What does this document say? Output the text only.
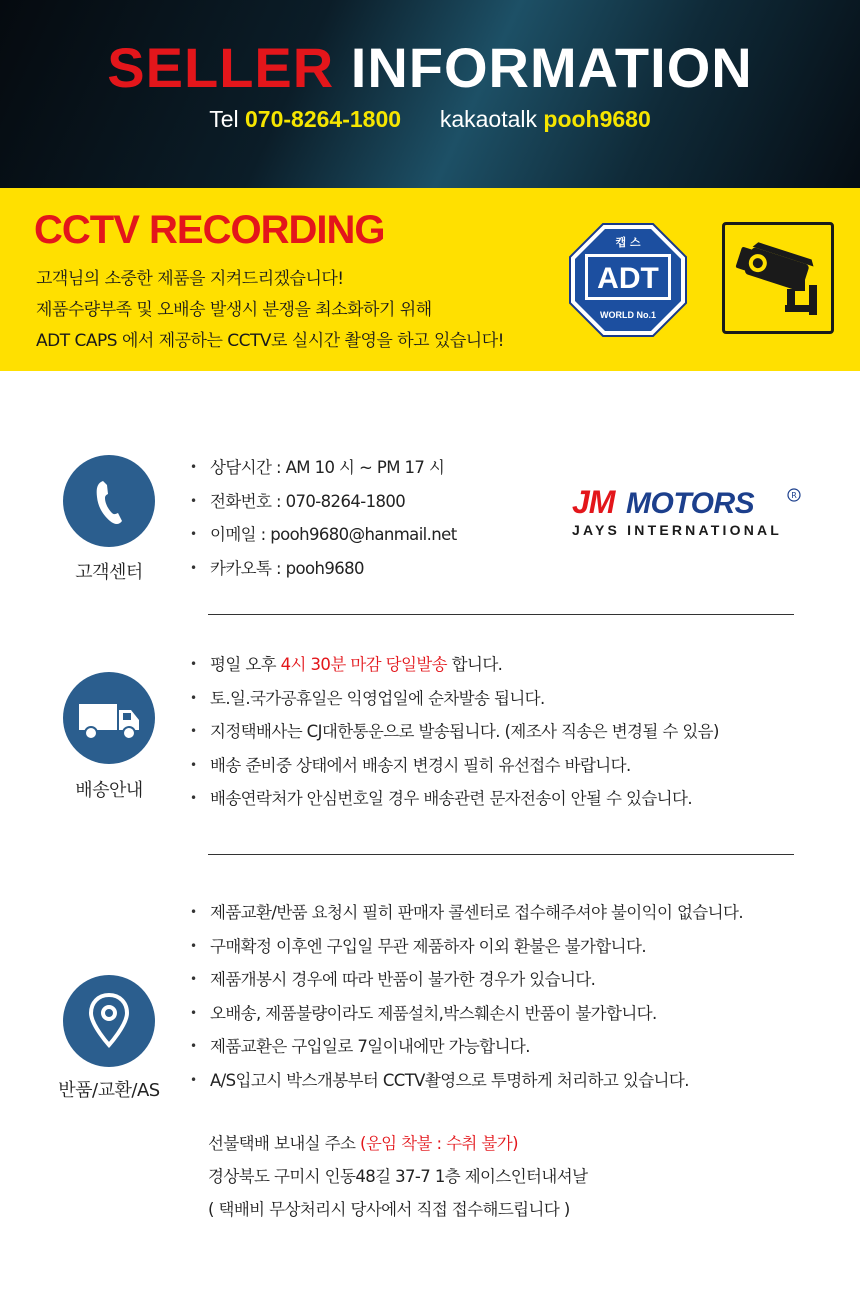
SELLER INFORMATION
Tel 070-8264-1800 kakaotalk pooh9680
CCTV RECORDING
고객님의 소중한 제품을 지켜드리겠습니다!
제품수량부족 및 오배송 발생시 분쟁을 최소화하기 위해
ADT CAPS 에서 제공하는 CCTV로 실시간 촬영을 하고 있습니다!
캡 스
ADT
WORLD No.1
고객센터
• 상담시간 : AM 10 시 ~ PM 17 시
• 전화번호 : 070-8264-1800
• 이메일 : pooh9680@hanmail.net
• 카카오톡 : pooh9680
JM MOTORS	R
JAYS INTERNATIONAL
배송안내
• 평일 오후 4시 30분 마감 당일발송 합니다.
• 토.일.국가공휴일은 익영업일에 순차발송 됩니다.
• 지정택배사는 CJ대한통운으로 발송됩니다. (제조사 직송은 변경될 수 있음)
• 배송 준비중 상태에서 배송지 변경시 필히 유선접수 바랍니다.
• 배송연락처가 안심번호일 경우 배송관련 문자전송이 안될 수 있습니다.
반품/교환/AS
• 제품교환/반품 요청시 필히 판매자 콜센터로 접수해주셔야 불이익이 없습니다.
• 구매확정 이후엔 구입일 무관 제품하자 이외 환불은 불가합니다.
• 제품개봉시 경우에 따라 반품이 불가한 경우가 있습니다.
• 오배송, 제품불량이라도 제품설치,박스훼손시 반품이 불가합니다.
• 제품교환은 구입일로 7일이내에만 가능합니다.
• A/S입고시 박스개봉부터 CCTV촬영으로 투명하게 처리하고 있습니다.
선불택배 보내실 주소 (운임 착불 : 수취 불가)
경상북도 구미시 인동48길 37-7 1층 제이스인터내셔날
( 택배비 무상처리시 당사에서 직접 접수해드립니다 )
